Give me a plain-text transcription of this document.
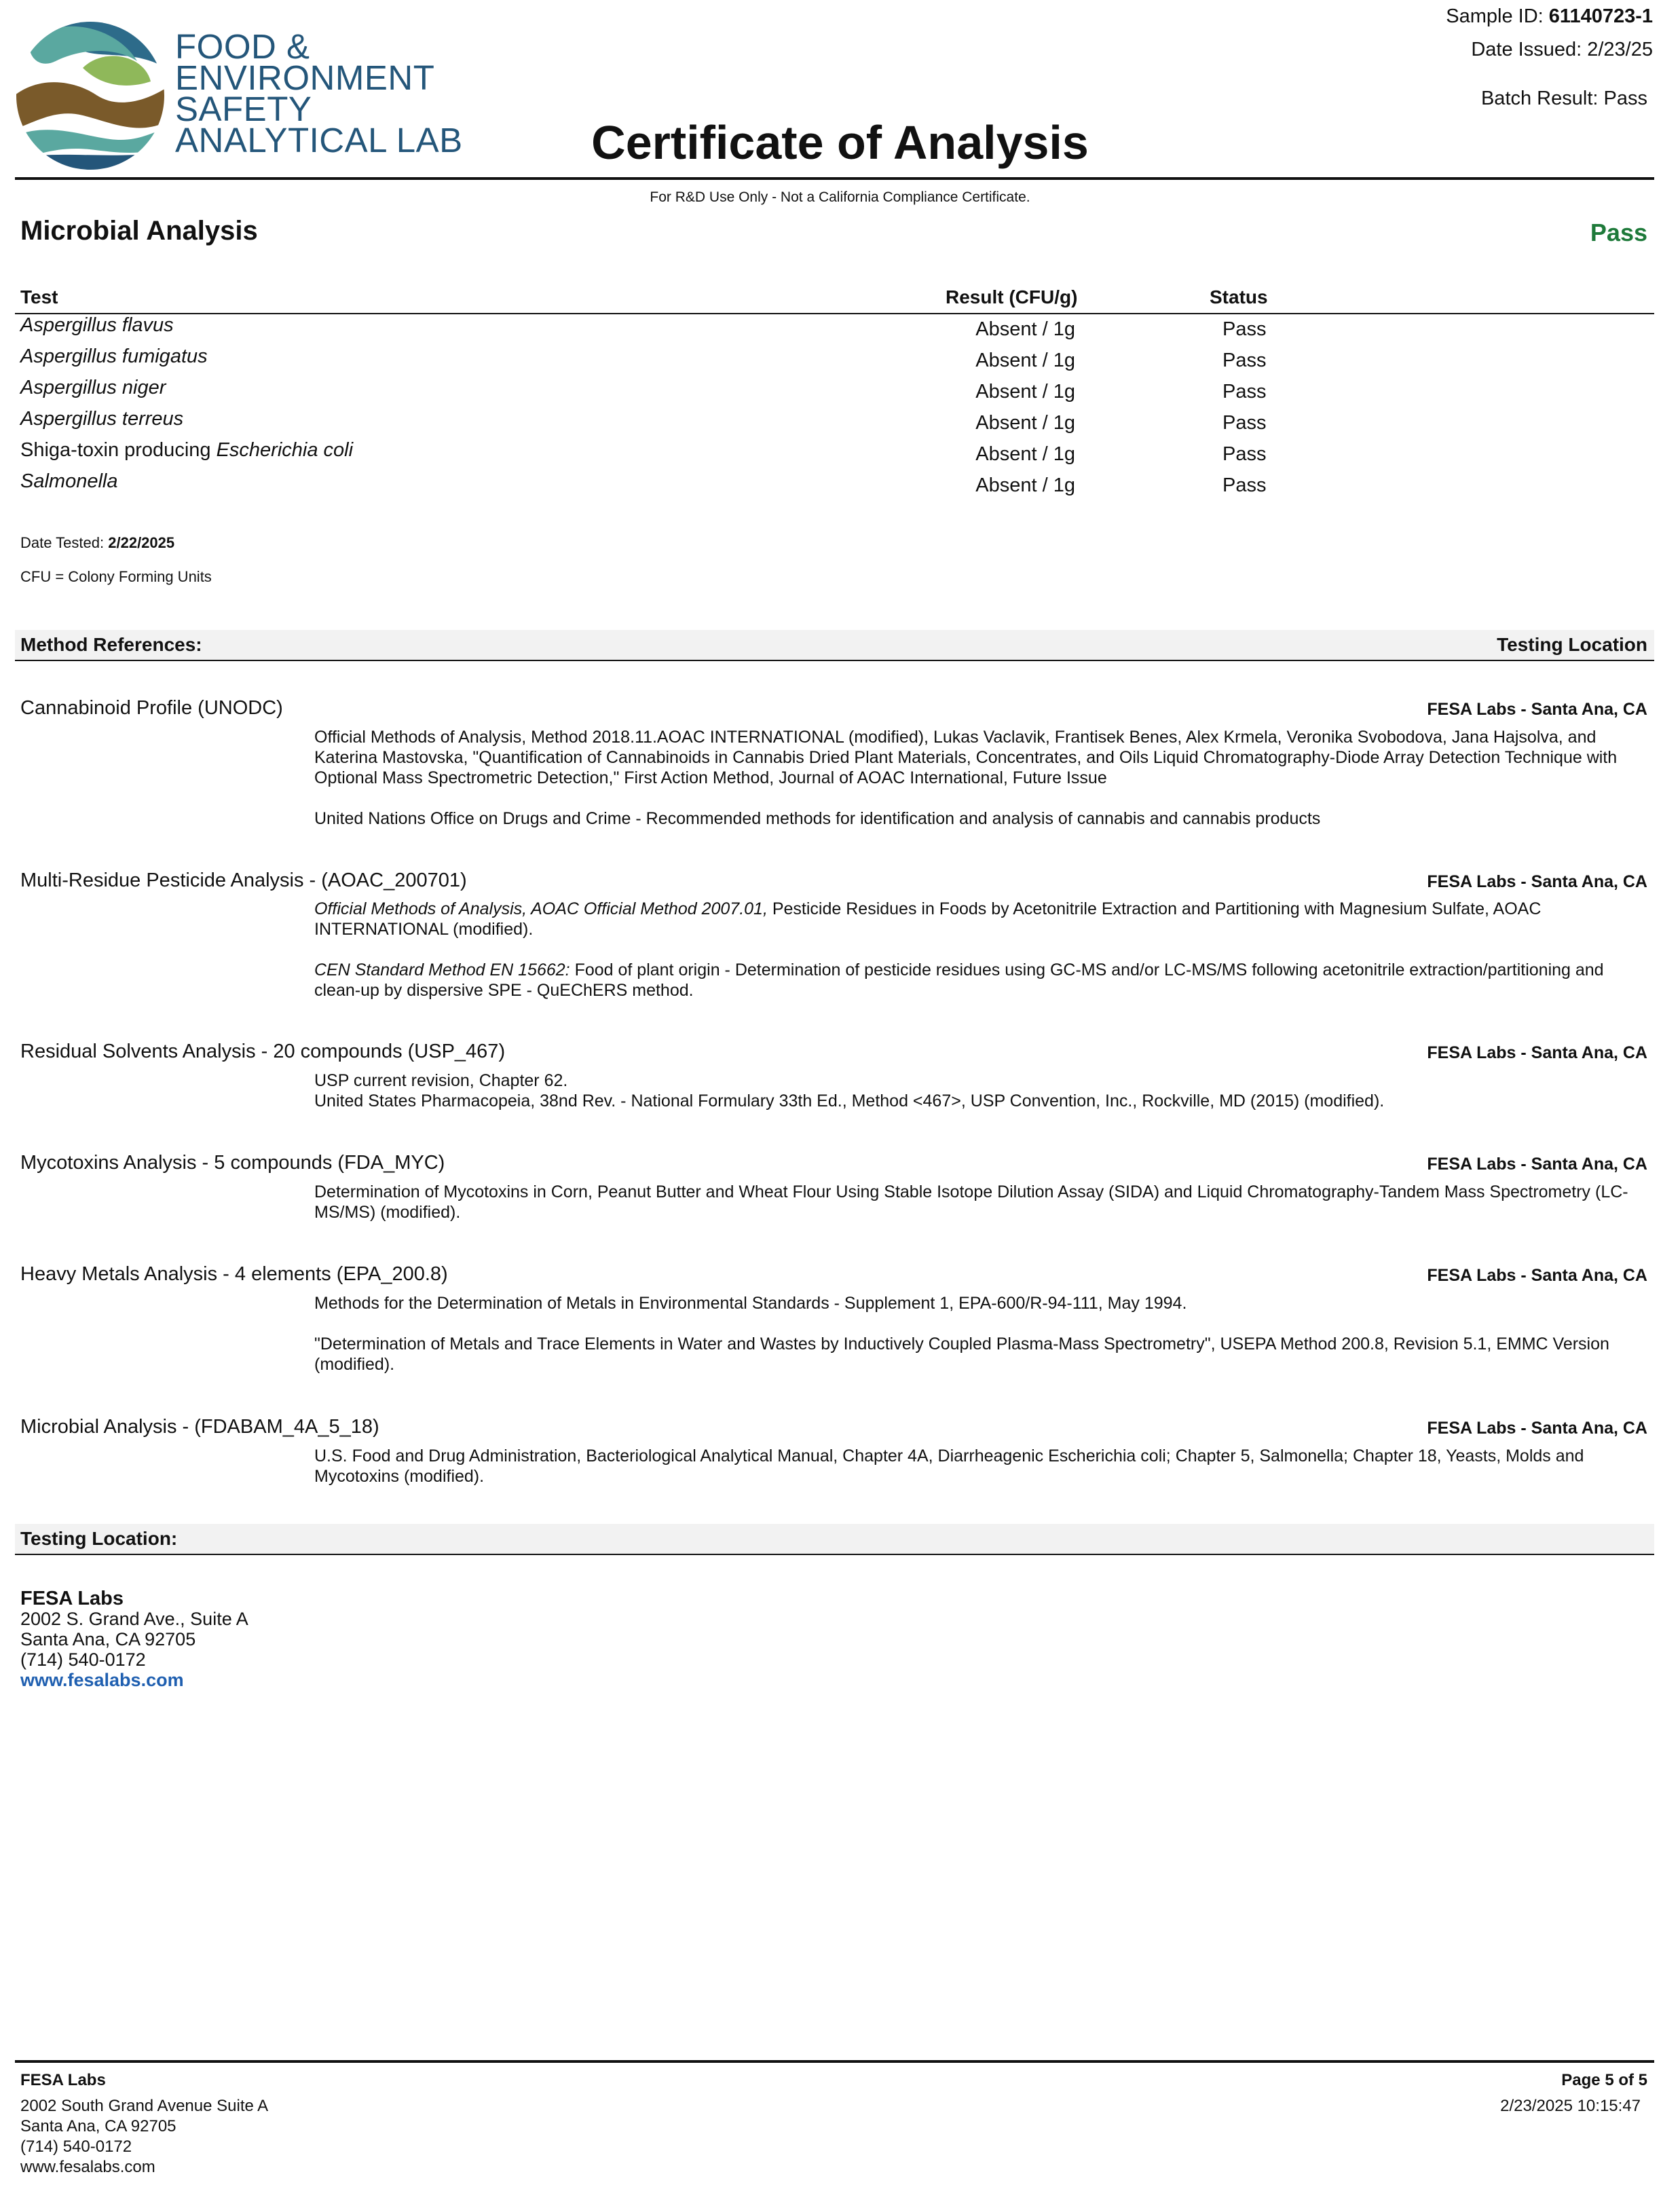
FOOD &
ENVIRONMENT
SAFETY
ANALYTICAL LAB
Sample ID: 61140723-1
Date Issued: 2/23/25
Batch Result: Pass
Certificate of Analysis
For R&D Use Only - Not a California Compliance Certificate.
Microbial Analysis	Pass
Test	Result (CFU/g)	Status
Aspergillus flavus	Absent / 1g	Pass
Aspergillus fumigatus	Absent / 1g	Pass
Aspergillus niger	Absent / 1g	Pass
Aspergillus terreus	Absent / 1g	Pass
Shiga-toxin producing Escherichia coli	Absent / 1g	Pass
Salmonella	Absent / 1g	Pass
Date Tested: 2/22/2025
CFU = Colony Forming Units
Method References:	Testing Location
Cannabinoid Profile (UNODC)	FESA Labs - Santa Ana, CA

Official Methods of Analysis, Method 2018.11.AOAC INTERNATIONAL (modified), Lukas Vaclavik, Frantisek Benes, Alex Krmela, Veronika Svobodova, Jana Hajsolva, and Katerina Mastovska, "Quantification of Cannabinoids in Cannabis Dried Plant Materials, Concentrates, and Oils Liquid Chromatography-Diode Array Detection Technique with Optional Mass Spectrometric Detection," First Action Method, Journal of AOAC International, Future Issue

United Nations Office on Drugs and Crime - Recommended methods for identification and analysis of cannabis and cannabis products

Multi-Residue Pesticide Analysis - (AOAC_200701)	FESA Labs - Santa Ana, CA

Official Methods of Analysis, AOAC Official Method 2007.01, Pesticide Residues in Foods by Acetonitrile Extraction and Partitioning with Magnesium Sulfate, AOAC INTERNATIONAL (modified).

CEN Standard Method EN 15662: Food of plant origin - Determination of pesticide residues using GC-MS and/or LC-MS/MS following acetonitrile extraction/partitioning and clean-up by dispersive SPE - QuEChERS method.

Residual Solvents Analysis - 20 compounds (USP_467)	FESA Labs - Santa Ana, CA

USP current revision, Chapter 62.

United States Pharmacopeia, 38nd Rev. - National Formulary 33th Ed., Method <467>, USP Convention, Inc., Rockville, MD (2015) (modified).

Mycotoxins Analysis - 5 compounds (FDA_MYC)	FESA Labs - Santa Ana, CA

Determination of Mycotoxins in Corn, Peanut Butter and Wheat Flour Using Stable Isotope Dilution Assay (SIDA) and Liquid Chromatography-Tandem Mass Spectrometry (LC-MS/MS) (modified).

Heavy Metals Analysis - 4 elements (EPA_200.8)	FESA Labs - Santa Ana, CA

Methods for the Determination of Metals in Environmental Standards - Supplement 1, EPA-600/R-94-111, May 1994.

"Determination of Metals and Trace Elements in Water and Wastes by Inductively Coupled Plasma-Mass Spectrometry", USEPA Method 200.8, Revision 5.1, EMMC Version (modified).

Microbial Analysis - (FDABAM_4A_5_18)	FESA Labs - Santa Ana, CA

U.S. Food and Drug Administration, Bacteriological Analytical Manual, Chapter 4A, Diarrheagenic Escherichia coli; Chapter 5, Salmonella; Chapter 18, Yeasts, Molds and Mycotoxins (modified).

Testing Location:
FESA Labs
2002 S. Grand Ave., Suite A
Santa Ana, CA 92705
(714) 540-0172
www.fesalabs.com
FESA Labs
2002 South Grand Avenue Suite A
Santa Ana, CA 92705
(714) 540-0172
www.fesalabs.com
Page 5 of 5
2/23/2025 10:15:47
